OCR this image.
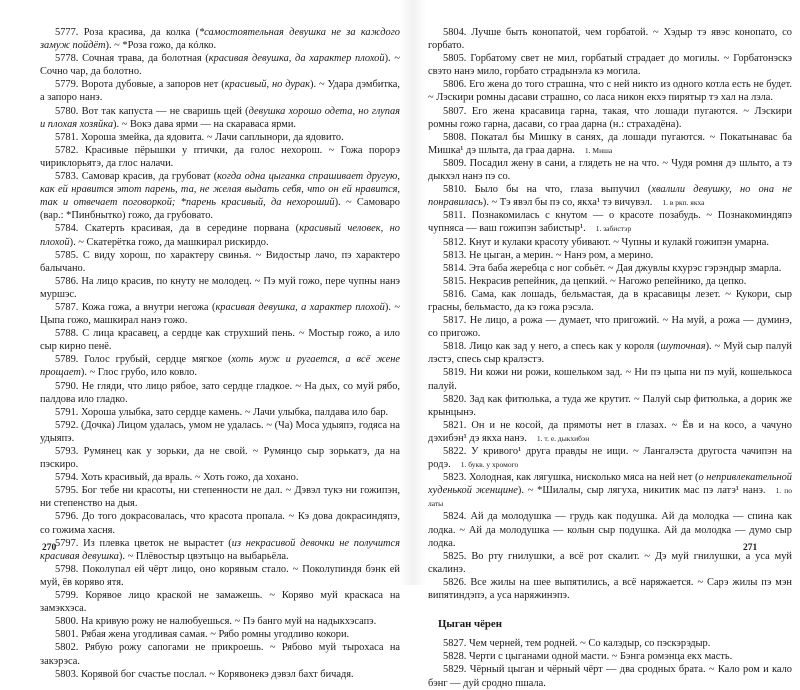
5777. Роза красива, да колка (*самостоятельная девушка не за каждого замуж пойдёт). ~ *Роза гожо, да кóлко.

5778. Сочная трава, да болотная (красивая девушка, да характер плохой). ~ Сочно чар, да болотно.

5779. Ворота дубовые, а запоров нет (красивый, но дурак). ~ Удара дэмбитка, а запоро нанэ.

5780. Вот так капуста — не сваришь щей (девушка хорошо одета, но глупая и плохая хозяйка). ~ Вокэ дава ярми — на скараваса ярми.

5781. Хороша змейка, да ядовита. ~ Лачи саплынори, да ядовито.

5782. Красивые пёрышки у птички, да голос нехорош. ~ Гожа порорэ чириклорьятэ, да глос налачи.

5783. Самовар красив, да грубоват (когда одна цыганка спрашивает другую, как ей нравится этот парень, та, не желая выдать себя, что он ей нравится, так и отвечает поговоркой; *парень красивый, да нехороший). ~ Самоваро (вар.: *Пинбнытко) гожо, да грубовато.

5784. Скатерть красивая, да в середине порвана (красивый человек, но плохой). ~ Скатерётка гожо, да машкирал рискирдо.

5785. С виду хорош, по характеру свинья. ~ Видостыр лачо, пэ характеро балычано.

5786. На лицо красив, по кнуту не молодец. ~ Пэ муй гожо, пере чупны нанэ муршэс.

5787. Кожа гожа, а внутри негожа (красивая девушка, а характер плохой). ~ Цыпа гожо, машкирал нанэ гожо.

5788. С лица красавец, а сердце как струхший пень. ~ Мостыр гожо, а ило сыр кирно пенё.

5789. Голос грубый, сердце мягкое (хоть муж и ругается, а всё жене прощает). ~ Глос грубо, ило ковло.

5790. Не гляди, что лицо рябое, зато сердце гладкое. ~ На дых, со муй рябо, палдова ило гладко.

5791. Хороша улыбка, зато сердце камень. ~ Лачи улыбка, палдава ило бар.

5792. (Дочка) Лицом удалась, умом не удалась. ~ (Ча) Моса удыяпэ, годяса на удыяпэ.

5793. Румянец как у зорьки, да не свой. ~ Румянцо сыр зорькатэ, да на пэскиро.

5794. Хоть красивый, да враль. ~ Хоть гожо, да хохано.

5795. Бог тебе ни красоты, ни степенности не дал. ~ Дэвэл тукэ ни гожипэн, ни степенство на дыя.

5796. До того докрасовалась, что красота пропала. ~ Кэ дова докрасиндяпэ, со гожима хасня.

5797. Из плевка цветок не вырастет (из некрасивой девочки не получится красивая девушка). ~ Плёвостыр цвэтыцо на выбарьёла.

5798. Поколупал ей чёрт лицо, оно корявым стало. ~ Поколупиндя бэнк ей муй, ёв корявo ятя.

5799. Корявое лицо краской не замажешь. ~ Корявo муй краскаса на замэкхэса.

5800. На кривую рожу не налюбуешься. ~ Пэ банго муй на надыкхэсапэ.

5801. Рябая жена угодливая самая. ~ Рябо ромны угодливо кокори.

5802. Рябую рожу сапогами не прикроешь. ~ Рябово муй тыроxаса на закэрэса.

5803. Корявой бог счастье послал. ~ Корявонекэ дэвэл бахт бичадя.

5804. Лучше быть конопатой, чем горбатой. ~ Хэдыр тэ явэс конопато, со горбато.

5805. Горбатому свет не мил, горбатый страдает до могилы. ~ Горбатонэскэ свэто нанэ мило, горбато страдынэла кэ могила.

5806. Его жена до того страшна, что с ней никто из одного котла есть не будет. ~ Лэскири ромны дасави страшно, со ласа никон екхэ пирятыр тэ хал на лэла.

5807. Его жена красавица гарна, такая, что лошади пугаются. ~ Лэскири ромны гожо гарна, дасави, со граа дарна (н.: страхадёна).

5808. Покатал бы Мишку в санях, да лошади пугаются. ~ Покатынавас ба Мишка¹ дэ шлыта, да граа дарна. 1. Миша

5809. Посадил жену в сани, а глядеть не на что. ~ Чудя ромня дэ шлыто, а тэ дыкхэл нанэ пэ со.

5810. Было бы на что, глаза выпучил (хвалили девушку, но она не понравилась). ~ Тэ явэл бы пэ со, якха¹ тэ вичувэл. 1. в ркп. якха

5811. Познакомилась с кнутом — о красоте позабудь. ~ Познакоминдяпэ чупняса — ваш гожипэн забистыр¹. 1. забистэр

5812. Кнут и кулаки красоту убивают. ~ Чупны и кулакй гожипэн умарна.

5813. Не цыган, а мерин. ~ Нанэ ром, а мерино.

5814. Эта баба жеребца с ног собьёт. ~ Дая джувлы кхурэс гэрэндыр змарла.

5815. Некрасив репейник, да цепкий. ~ Нагожо репейнико, да цепко.

5816. Сама, как лошадь, бельмастая, да в красавицы лезет. ~ Кукори, сыр грасны, бельмасто, да кэ гожа рэсэла.

5817. Не лицо, а рожа — думает, что пригожий. ~ На муй, а рожа — думинэ, со пригожо.

5818. Лицо как зад у него, а спесь как у короля (шуточная). ~ Муй сыр палуй лэстэ, спесь сыр кралэстэ.

5819. Ни кожи ни рожи, кошельком зад. ~ Ни пэ цыпа ни пэ муй, кошелькоса палуй.

5820. Зад как фитюлька, а туда же крутит. ~ Палуй сыр фитюлька, а дорик же крынцынэ.

5821. Он и не косой, да прямоты нет в глазах. ~ Ёв и на косо, а чачуно дэхибэн¹ дэ якха нанэ. 1. т. е. дыкхибэн

5822. У кривого¹ друга правды не ищи. ~ Лангалэста другоста чачипэн на родэ. 1. букв. у хромого

5823. Холодная, как лягушка, нисколько мяса на ней нет (о непривлекательной худенькой женщине). ~ *Шилалы, сыр лягуха, никитик мас пэ латэ¹ нанэ. 1. по латы

5824. Ай да молодушка — грудь как подушка. Ай да молодка — спина как лодка. ~ Ай да молодушка — колын сыр подушка. Ай да молодка — думо сыр лодка.

5825. Во рту гнилушки, а всё рот скалит. ~ Дэ муй гнилушки, а уса муй скалинэ.

5826. Все жилы на шее выпятились, а всё наряжается. ~ Сарэ жилы пэ мэн випятиндэпэ, а уса наряжинэпэ.

Цыган чёрен

5827. Чем черней, тем родней. ~ Со калэдыр, со пэскэрэдыр.

5828. Черти с цыганами одной масти. ~ Бэнга ромэнца екх масть.

5829. Чёрный цыган и чёрный чёрт — два сродных брата. ~ Кало ром и кало бэнг — дуй сродно пшала.

270	271
